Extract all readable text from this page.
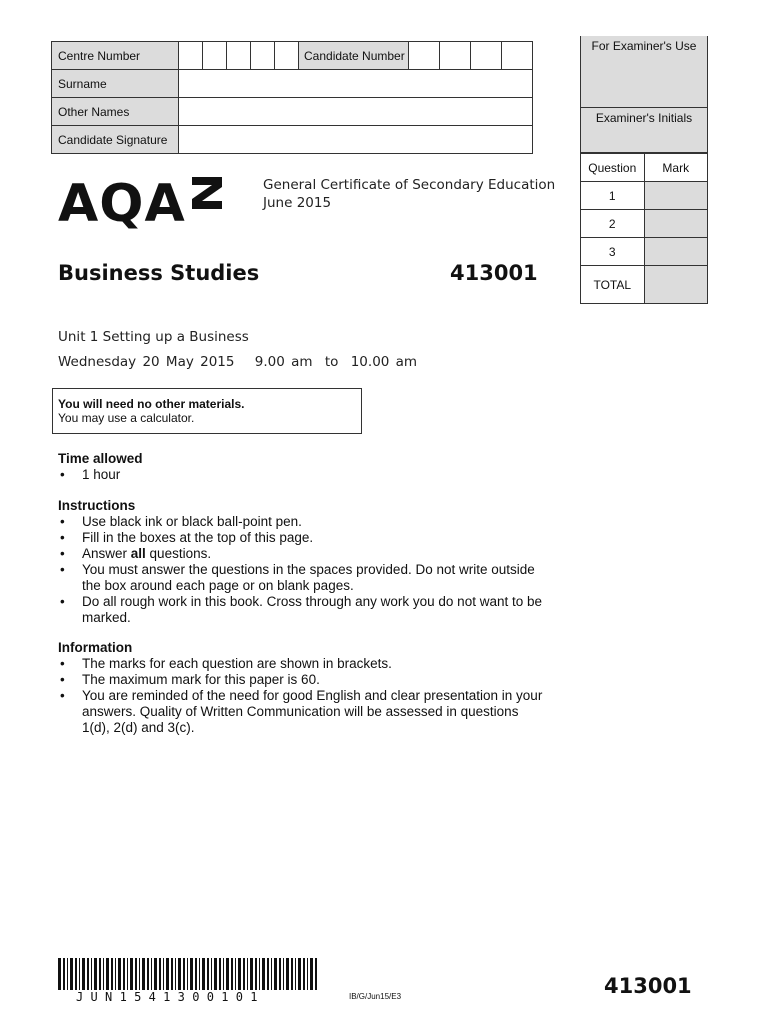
Centre Number						Candidate Number				
Surname										
Other Names										
Candidate Signature										
For Examiner's Use
Examiner's Initials
Question	Mark
1	
2	
3	
TOTAL	
AQA	General Certificate of Secondary Education
June 2015
Business Studies	413001
Unit 1 Setting up a Business
Wednesday 20 May 2015 9.00 am to 10.00 am
You will need no other materials.
You may use a calculator.
Time allowed
• 1 hour
Instructions
• Use black ink or black ball-point pen.
• Fill in the boxes at the top of this page.
• Answer all questions.
• You must answer the questions in the spaces provided. Do not write outside the box around each page or on blank pages.
• Do all rough work in this book. Cross through any work you do not want to be marked.
Information
• The marks for each question are shown in brackets.
• The maximum mark for this paper is 60.
• You are reminded of the need for good English and clear presentation in your answers. Quality of Written Communication will be assessed in questions 1(d), 2(d) and 3(c).
JUN1541300101	IB/G/Jun15/E3	413001
